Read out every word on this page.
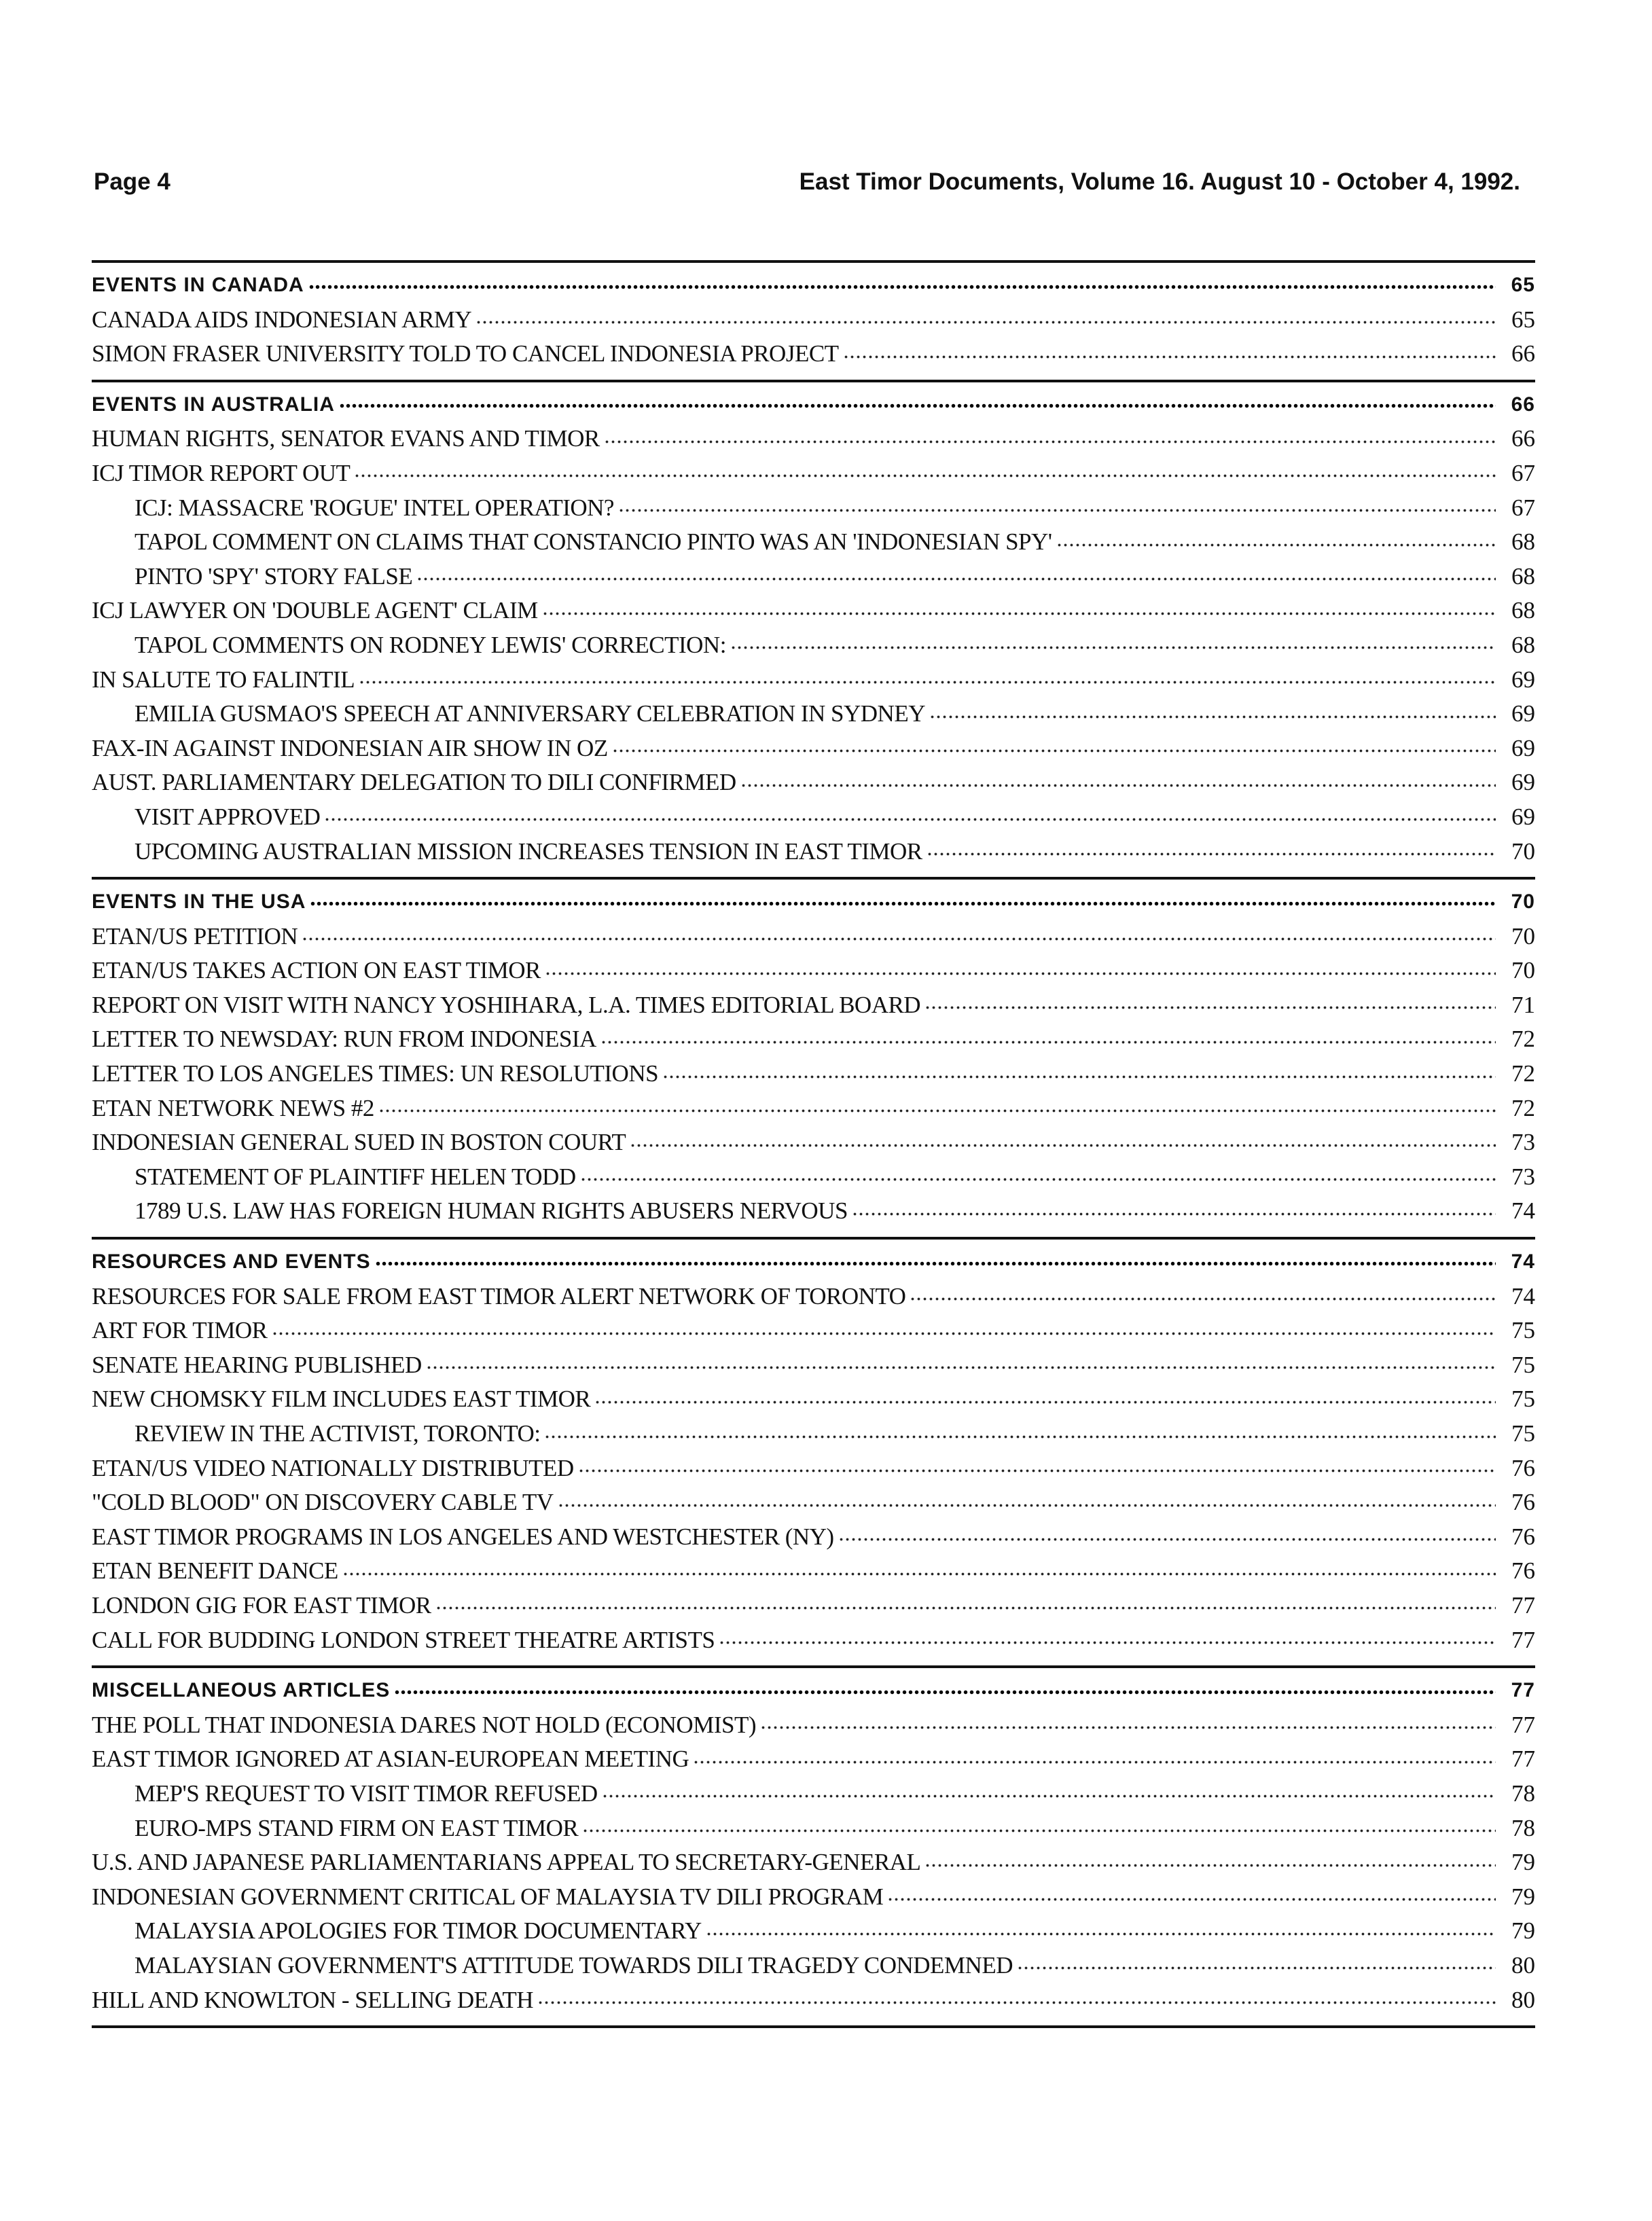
Page 4	East Timor Documents, Volume 16. August 10 - October 4, 1992.
EVENTS IN CANADA	65
CANADA AIDS INDONESIAN ARMY	65
SIMON FRASER UNIVERSITY TOLD TO CANCEL INDONESIA PROJECT	66
EVENTS IN AUSTRALIA	66
HUMAN RIGHTS, SENATOR EVANS AND TIMOR	66
ICJ TIMOR REPORT OUT	67
ICJ: MASSACRE 'ROGUE' INTEL OPERATION?	67
TAPOL COMMENT ON CLAIMS THAT CONSTANCIO PINTO WAS AN 'INDONESIAN SPY'	68
PINTO 'SPY' STORY FALSE	68
ICJ LAWYER ON 'DOUBLE AGENT' CLAIM	68
TAPOL COMMENTS ON RODNEY LEWIS' CORRECTION:	68
IN SALUTE TO FALINTIL	69
EMILIA GUSMAO'S SPEECH AT ANNIVERSARY CELEBRATION IN SYDNEY	69
FAX-IN AGAINST INDONESIAN AIR SHOW IN OZ	69
AUST. PARLIAMENTARY DELEGATION TO DILI CONFIRMED	69
VISIT APPROVED	69
UPCOMING AUSTRALIAN MISSION INCREASES TENSION IN EAST TIMOR	70
EVENTS IN THE USA	70
ETAN/US PETITION	70
ETAN/US TAKES ACTION ON EAST TIMOR	70
REPORT ON VISIT WITH NANCY YOSHIHARA, L.A. TIMES EDITORIAL BOARD	71
LETTER TO NEWSDAY: RUN FROM INDONESIA	72
LETTER TO LOS ANGELES TIMES: UN RESOLUTIONS	72
ETAN NETWORK NEWS #2	72
INDONESIAN GENERAL SUED IN BOSTON COURT	73
STATEMENT OF PLAINTIFF HELEN TODD	73
1789 U.S. LAW HAS FOREIGN HUMAN RIGHTS ABUSERS NERVOUS	74
RESOURCES AND EVENTS	74
RESOURCES FOR SALE FROM EAST TIMOR ALERT NETWORK OF TORONTO	74
ART FOR TIMOR	75
SENATE HEARING PUBLISHED	75
NEW CHOMSKY FILM INCLUDES EAST TIMOR	75
REVIEW IN THE ACTIVIST, TORONTO:	75
ETAN/US VIDEO NATIONALLY DISTRIBUTED	76
"COLD BLOOD" ON DISCOVERY CABLE TV	76
EAST TIMOR PROGRAMS IN LOS ANGELES AND WESTCHESTER (NY)	76
ETAN BENEFIT DANCE	76
LONDON GIG FOR EAST TIMOR	77
CALL FOR BUDDING LONDON STREET THEATRE ARTISTS	77
MISCELLANEOUS ARTICLES	77
THE POLL THAT INDONESIA DARES NOT HOLD (ECONOMIST)	77
EAST TIMOR IGNORED AT ASIAN-EUROPEAN MEETING	77
MEP'S REQUEST TO VISIT TIMOR REFUSED	78
EURO-MPS STAND FIRM ON EAST TIMOR	78
U.S. AND JAPANESE PARLIAMENTARIANS APPEAL TO SECRETARY-GENERAL	79
INDONESIAN GOVERNMENT CRITICAL OF MALAYSIA TV DILI PROGRAM	79
MALAYSIA APOLOGIES FOR TIMOR DOCUMENTARY	79
MALAYSIAN GOVERNMENT'S ATTITUDE TOWARDS DILI TRAGEDY CONDEMNED	80
HILL AND KNOWLTON - SELLING DEATH	80
